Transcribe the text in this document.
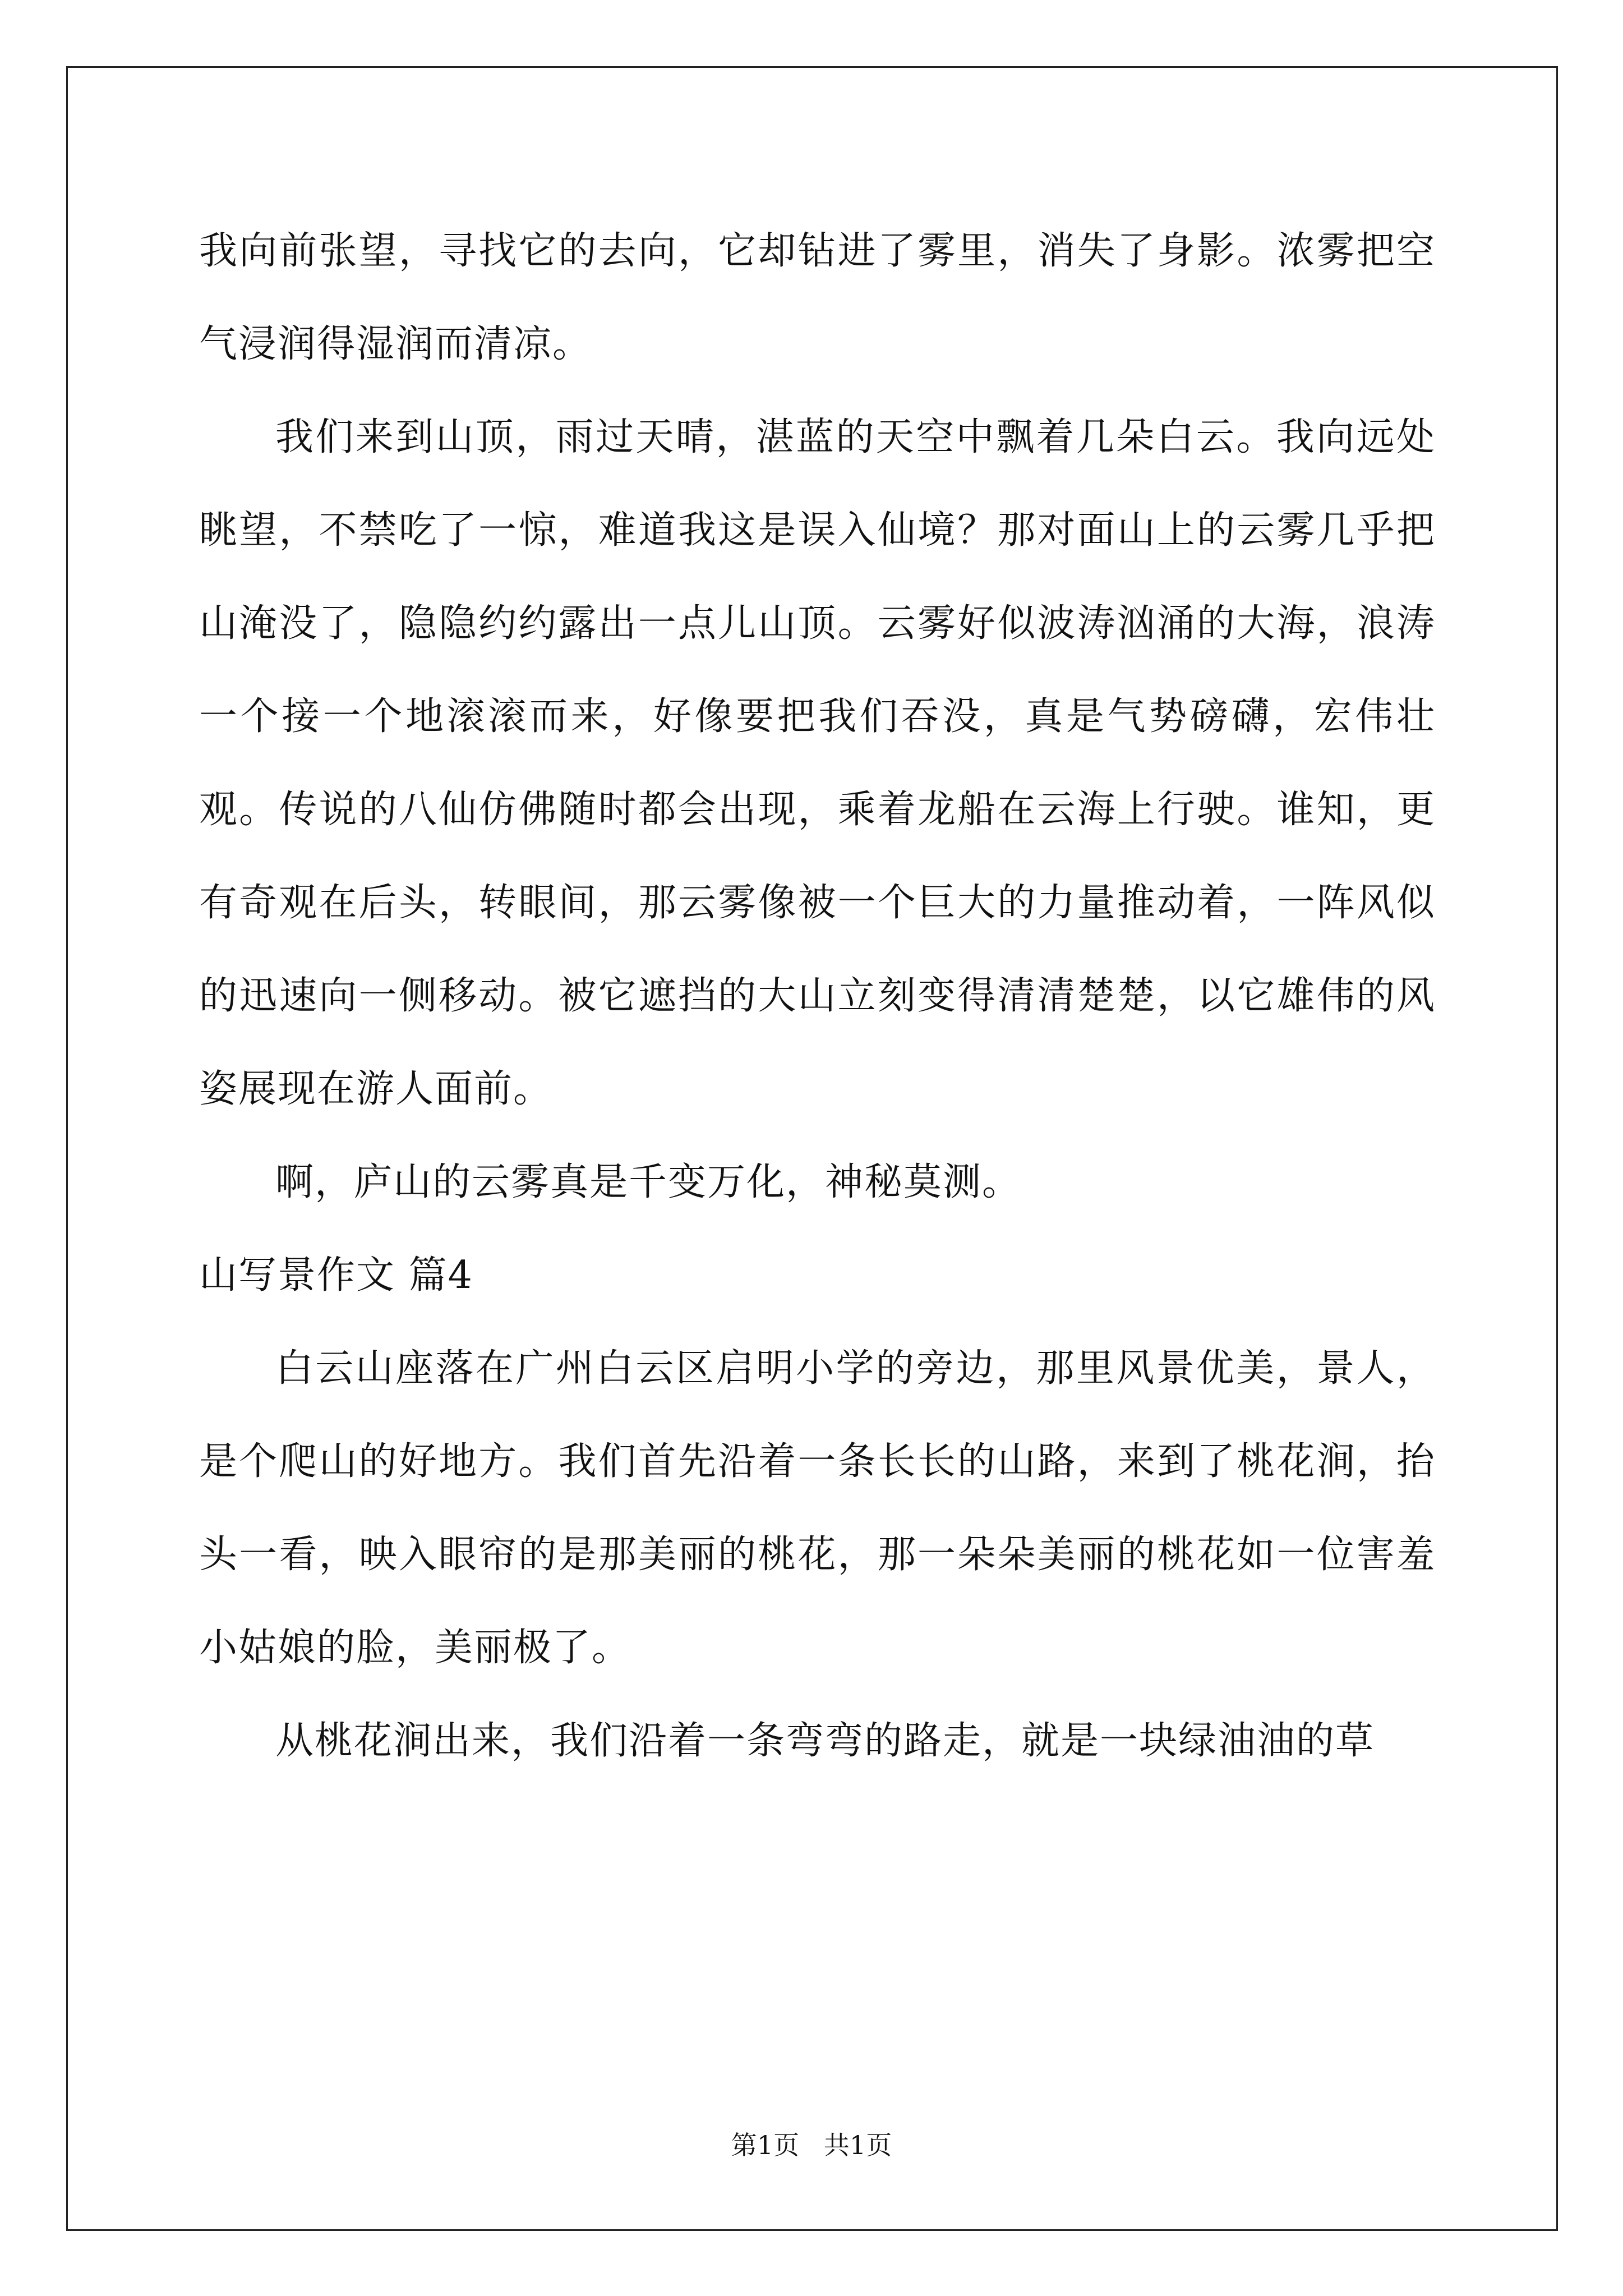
我向前张望，寻找它的去向，它却钻进了雾里，消失了身影。浓雾把空气浸润得湿润而清凉。

我们来到山顶，雨过天晴，湛蓝的天空中飘着几朵白云。我向远处眺望，不禁吃了一惊，难道我这是误入仙境？那对面山上的云雾几乎把山淹没了，隐隐约约露出一点儿山顶。云雾好似波涛汹涌的大海，浪涛一个接一个地滚滚而来，好像要把我们吞没，真是气势磅礴，宏伟壮观。传说的八仙仿佛随时都会出现，乘着龙船在云海上行驶。谁知，更有奇观在后头，转眼间，那云雾像被一个巨大的力量推动着，一阵风似的迅速向一侧移动。被它遮挡的大山立刻变得清清楚楚，以它雄伟的风姿展现在游人面前。

啊，庐山的云雾真是千变万化，神秘莫测。

山写景作文 篇4

白云山座落在广州白云区启明小学的旁边，那里风景优美，景人，是个爬山的好地方。我们首先沿着一条长长的山路，来到了桃花涧，抬头一看，映入眼帘的是那美丽的桃花，那一朵朵美丽的桃花如一位害羞小姑娘的脸，美丽极了。

从桃花涧出来，我们沿着一条弯弯的路走，就是一块绿油油的草

第1页   共1页
